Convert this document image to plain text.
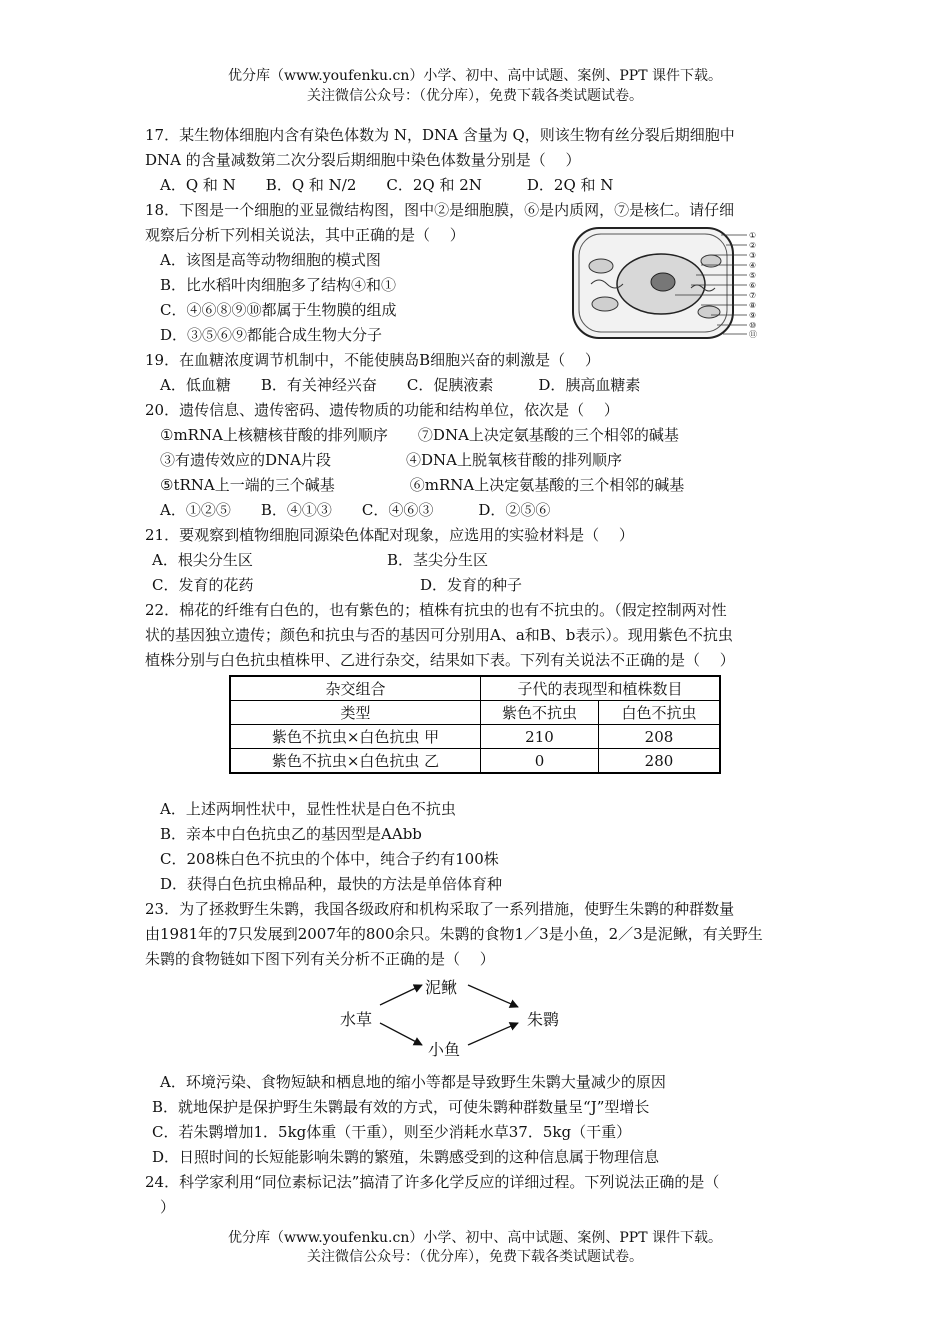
优分库（www.youfenku.cn）小学、初中、高中试题、案例、PPT 课件下载。
关注微信公众号：（优分库），免费下载各类试题试卷。
17．某生物体细胞内含有染色体数为 N，DNA 含量为 Q，则该生物有丝分裂后期细胞中
DNA 的含量减数第二次分裂后期细胞中染色体数量分别是（　 ）
A．Q 和 N　　B．Q 和 N/2　　C．2Q 和 2N　　　D．2Q 和 N
18．下图是一个细胞的亚显微结构图，图中②是细胞膜，⑥是内质网，⑦是核仁。请仔细
观察后分析下列相关说法，其中正确的是（　 ）
A．该图是高等动物细胞的模式图
B．比水稻叶肉细胞多了结构④和①
C．④⑥⑧⑨⑩都属于生物膜的组成
D．③⑤⑥⑨都能合成生物大分子
①
②
③
④
⑤
⑥
⑦
⑧
⑨
⑩
⑪
19．在血糖浓度调节机制中，不能使胰岛B细胞兴奋的刺激是（　 ）
A．低血糖　　B．有关神经兴奋　　C．促胰液素　　　D．胰高血糖素
20．遗传信息、遗传密码、遗传物质的功能和结构单位，依次是（　 ）
①mRNA上核糖核苷酸的排列顺序　　⑦DNA上决定氨基酸的三个相邻的碱基
③有遗传效应的DNA片段　　　　　④DNA上脱氧核苷酸的排列顺序
⑤tRNA上一端的三个碱基　　　　　⑥mRNA上决定氨基酸的三个相邻的碱基
A．①②⑤　　B．④①③　　C．④⑥③　　　D．②⑤⑥
21．要观察到植物细胞同源染色体配对现象，应选用的实验材料是（　 ）
A．根尖分生区	B．茎尖分生区
C．发育的花药	D．发育的种子
22．棉花的纤维有白色的，也有紫色的；植株有抗虫的也有不抗虫的。（假定控制两对性
状的基因独立遗传；颜色和抗虫与否的基因可分别用A、a和B、b表示）。现用紫色不抗虫
植株分别与白色抗虫植株甲、乙进行杂交，结果如下表。下列有关说法不正确的是（　 ）
杂交组合	子代的表现型和植株数目	
类型	紫色不抗虫	白色不抗虫
紫色不抗虫×白色抗虫 甲	210	208
紫色不抗虫×白色抗虫 乙	0	280
A．上述两坰性状中，显性性状是白色不抗虫
B．亲本中白色抗虫乙的基因型是AAbb
C．208株白色不抗虫的个体中，纯合子约有100株
D．获得白色抗虫棉品种，最快的方法是单倍体育种
23．为了拯救野生朱鹮，我国各级政府和机构采取了一系列措施，使野生朱鹮的种群数量
由1981年的7只发展到2007年的800余只。朱鹮的食物1／3是小鱼，2／3是泥鳅，有关野生
朱鹮的食物链如下图下列有关分析不正确的是（　 ）
水草
泥鳅
小鱼
朱鹮
A．环境污染、食物短缺和栖息地的缩小等都是导致野生朱鹮大量减少的原因
B．就地保护是保护野生朱鹮最有效的方式，可使朱鹮种群数量呈“J”型增长
C．若朱鹮增加1．5kg体重（干重），则至少消耗水草37．5kg（干重）
D．日照时间的长短能影响朱鹮的繁殖，朱鹮感受到的这种信息属于物理信息
24．科学家利用“同位素标记法”搞清了许多化学反应的详细过程。下列说法正确的是（
）
优分库（www.youfenku.cn）小学、初中、高中试题、案例、PPT 课件下载。
关注微信公众号：（优分库），免费下载各类试题试卷。
